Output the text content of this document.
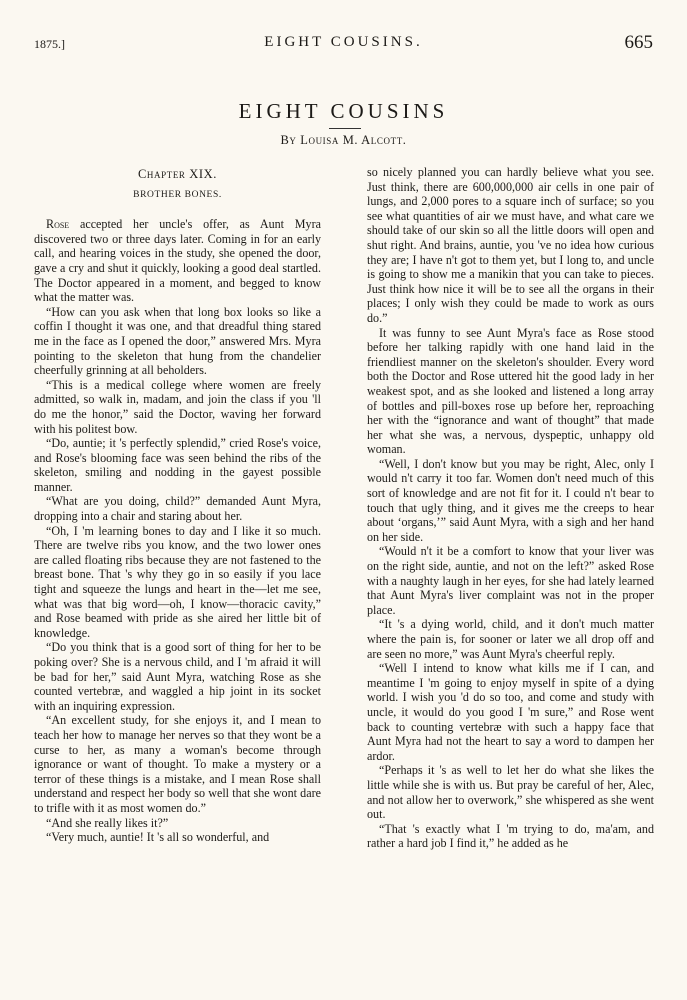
1875.]	EIGHT COUSINS.	665
EIGHT COUSINS
By Louisa M. Alcott.
Chapter XIX.
BROTHER BONES.

Rose accepted her uncle's offer, as Aunt Myra discovered two or three days later. Coming in for an early call, and hearing voices in the study, she opened the door, gave a cry and shut it quickly, looking a good deal startled. The Doctor appeared in a moment, and begged to know what the matter was.

“How can you ask when that long box looks so like a coffin I thought it was one, and that dreadful thing stared me in the face as I opened the door,” answered Mrs. Myra pointing to the skeleton that hung from the chandelier cheerfully grinning at all beholders.

“This is a medical college where women are freely admitted, so walk in, madam, and join the class if you 'll do me the honor,” said the Doctor, waving her forward with his politest bow.

“Do, auntie; it 's perfectly splendid,” cried Rose's voice, and Rose's blooming face was seen behind the ribs of the skeleton, smiling and nodding in the gayest possible manner.

“What are you doing, child?” demanded Aunt Myra, dropping into a chair and staring about her.

“Oh, I 'm learning bones to day and I like it so much. There are twelve ribs you know, and the two lower ones are called floating ribs because they are not fastened to the breast bone. That 's why they go in so easily if you lace tight and squeeze the lungs and heart in the—let me see, what was that big word—oh, I know—thoracic cavity,” and Rose beamed with pride as she aired her little bit of knowledge.

“Do you think that is a good sort of thing for her to be poking over? She is a nervous child, and I 'm afraid it will be bad for her,” said Aunt Myra, watching Rose as she counted vertebræ, and waggled a hip joint in its socket with an inquiring expression.

“An excellent study, for she enjoys it, and I mean to teach her how to manage her nerves so that they wont be a curse to her, as many a woman's become through ignorance or want of thought. To make a mystery or a terror of these things is a mistake, and I mean Rose shall understand and respect her body so well that she wont dare to trifle with it as most women do.”

“And she really likes it?”

“Very much, auntie! It 's all so wonderful, and

so nicely planned you can hardly believe what you see. Just think, there are 600,000,000 air cells in one pair of lungs, and 2,000 pores to a square inch of surface; so you see what quantities of air we must have, and what care we should take of our skin so all the little doors will open and shut right. And brains, auntie, you 've no idea how curious they are; I have n't got to them yet, but I long to, and uncle is going to show me a manikin that you can take to pieces. Just think how nice it will be to see all the organs in their places; I only wish they could be made to work as ours do.”

It was funny to see Aunt Myra's face as Rose stood before her talking rapidly with one hand laid in the friendliest manner on the skeleton's shoulder. Every word both the Doctor and Rose uttered hit the good lady in her weakest spot, and as she looked and listened a long array of bottles and pill-boxes rose up before her, reproaching her with the “ignorance and want of thought” that made her what she was, a nervous, dyspeptic, unhappy old woman.

“Well, I don't know but you may be right, Alec, only I would n't carry it too far. Women don't need much of this sort of knowledge and are not fit for it. I could n't bear to touch that ugly thing, and it gives me the creeps to hear about ‘organs,’” said Aunt Myra, with a sigh and her hand on her side.

“Would n't it be a comfort to know that your liver was on the right side, auntie, and not on the left?” asked Rose with a naughty laugh in her eyes, for she had lately learned that Aunt Myra's liver complaint was not in the proper place.

“It 's a dying world, child, and it don't much matter where the pain is, for sooner or later we all drop off and are seen no more,” was Aunt Myra's cheerful reply.

“Well I intend to know what kills me if I can, and meantime I 'm going to enjoy myself in spite of a dying world. I wish you 'd do so too, and come and study with uncle, it would do you good I 'm sure,” and Rose went back to counting vertebræ with such a happy face that Aunt Myra had not the heart to say a word to dampen her ardor.

“Perhaps it 's as well to let her do what she likes the little while she is with us. But pray be careful of her, Alec, and not allow her to overwork,” she whispered as she went out.

“That 's exactly what I 'm trying to do, ma'am, and rather a hard job I find it,” he added as he
